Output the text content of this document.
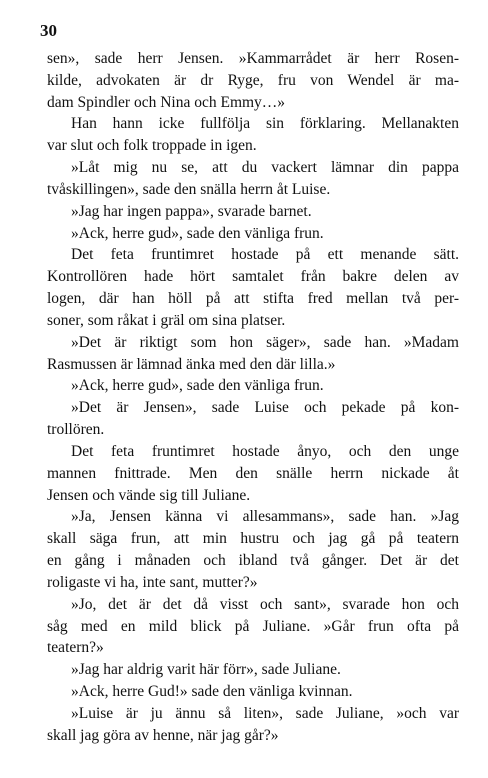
30
sen», sade herr Jensen. »Kammarrådet är herr Rosen-
kilde, advokaten är dr Ryge, fru von Wendel är ma-
dam Spindler och Nina och Emmy…»
Han hann icke fullfölja sin förklaring. Mellanakten
var slut och folk troppade in igen.
»Låt mig nu se, att du vackert lämnar din pappa
tvåskillingen», sade den snälla herrn åt Luise.
»Jag har ingen pappa», svarade barnet.
»Ack, herre gud», sade den vänliga frun.
Det feta fruntimret hostade på ett menande sätt.
Kontrollören hade hört samtalet från bakre delen av
logen, där han höll på att stifta fred mellan två per-
soner, som råkat i gräl om sina platser.
»Det är riktigt som hon säger», sade han. »Madam
Rasmussen är lämnad änka med den där lilla.»
»Ack, herre gud», sade den vänliga frun.
»Det är Jensen», sade Luise och pekade på kon-
trollören.
Det feta fruntimret hostade ånyo, och den unge
mannen fnittrade. Men den snälle herrn nickade åt
Jensen och vände sig till Juliane.
»Ja, Jensen känna vi allesammans», sade han. »Jag
skall säga frun, att min hustru och jag gå på teatern
en gång i månaden och ibland två gånger. Det är det
roligaste vi ha, inte sant, mutter?»
»Jo, det är det då visst och sant», svarade hon och
såg med en mild blick på Juliane. »Går frun ofta på
teatern?»
»Jag har aldrig varit här förr», sade Juliane.
»Ack, herre Gud!» sade den vänliga kvinnan.
»Luise är ju ännu så liten», sade Juliane, »och var
skall jag göra av henne, när jag går?»
